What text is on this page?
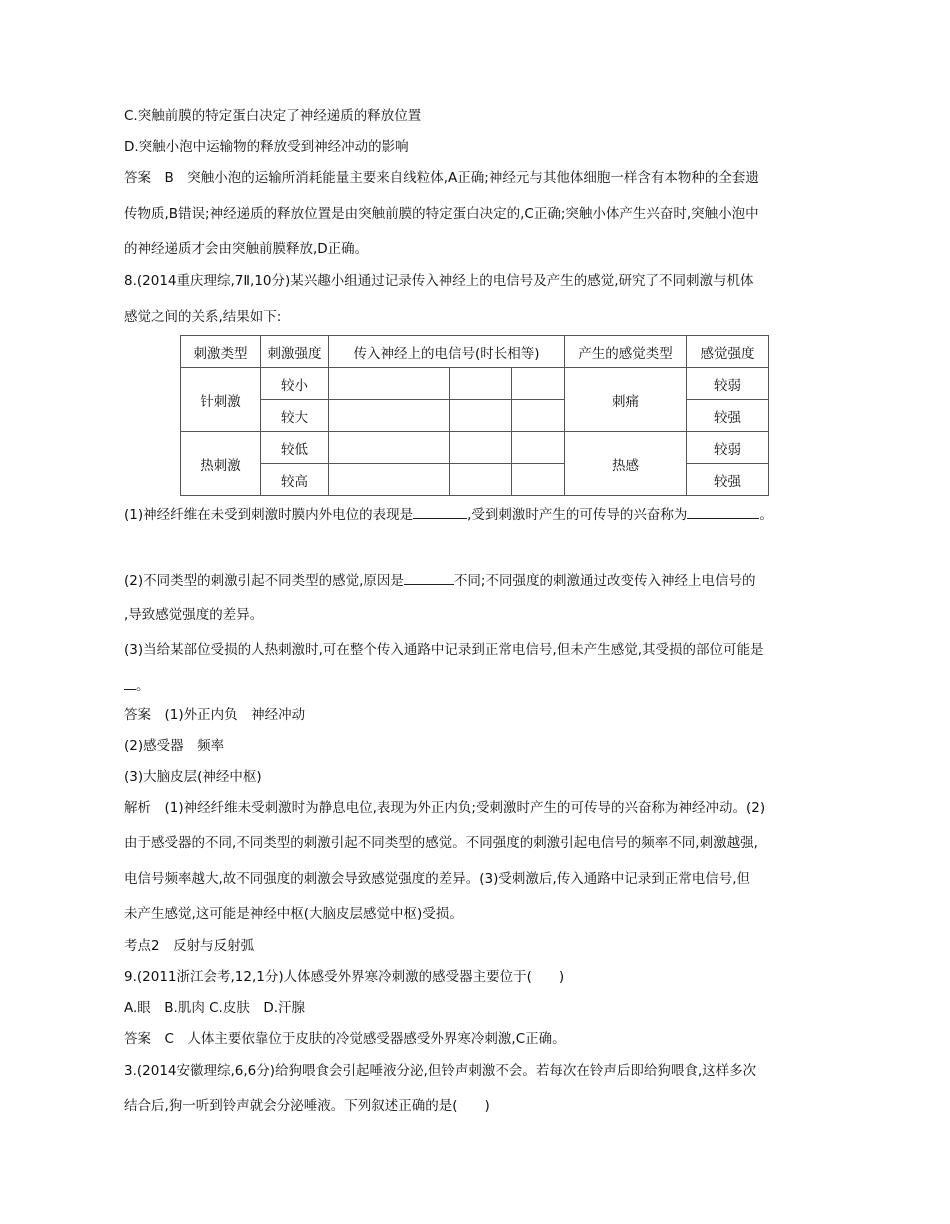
C.突触前膜的特定蛋白决定了神经递质的释放位置
D.突触小泡中运输物的释放受到神经冲动的影响
答案　B　突触小泡的运输所消耗能量主要来自线粒体,A正确;神经元与其他体细胞一样含有本物种的全套遗
传物质,B错误;神经递质的释放位置是由突触前膜的特定蛋白决定的,C正确;突触小体产生兴奋时,突触小泡中
的神经递质才会由突触前膜释放,D正确。
8.(2014重庆理综,7Ⅱ,10分)某兴趣小组通过记录传入神经上的电信号及产生的感觉,研究了不同刺激与机体
感觉之间的关系,结果如下:
刺激类型	刺激强度	传入神经上的电信号(时长相等)			产生的感觉类型	感觉强度
针刺激	较小				刺痛	较弱
	较大					较强
热刺激	较低				热感	较弱
	较高					较强
(1)神经纤维在未受到刺激时膜内外电位的表现是	,受到刺激时产生的可传导的兴奋称为	。
(2)不同类型的刺激引起不同类型的感觉,原因是	不同;不同强度的刺激通过改变传入神经上电信号的
,导致感觉强度的差异。
(3)当给某部位受损的人热刺激时,可在整个传入通路中记录到正常电信号,但未产生感觉,其受损的部位可能是
。
答案　(1)外正内负　神经冲动
(2)感受器　频率
(3)大脑皮层(神经中枢)
解析　(1)神经纤维未受刺激时为静息电位,表现为外正内负;受刺激时产生的可传导的兴奋称为神经冲动。(2)
由于感受器的不同,不同类型的刺激引起不同类型的感觉。不同强度的刺激引起电信号的频率不同,刺激越强,
电信号频率越大,故不同强度的刺激会导致感觉强度的差异。(3)受刺激后,传入通路中记录到正常电信号,但
未产生感觉,这可能是神经中枢(大脑皮层感觉中枢)受损。
考点2　反射与反射弧
9.(2011浙江会考,12,1分)人体感受外界寒冷刺激的感受器主要位于(　　)
A.眼　B.肌肉 C.皮肤　D.汗腺
答案　C　人体主要依靠位于皮肤的冷觉感受器感受外界寒冷刺激,C正确。
3.(2014安徽理综,6,6分)给狗喂食会引起唾液分泌,但铃声刺激不会。若每次在铃声后即给狗喂食,这样多次
结合后,狗一听到铃声就会分泌唾液。下列叙述正确的是(　　)
